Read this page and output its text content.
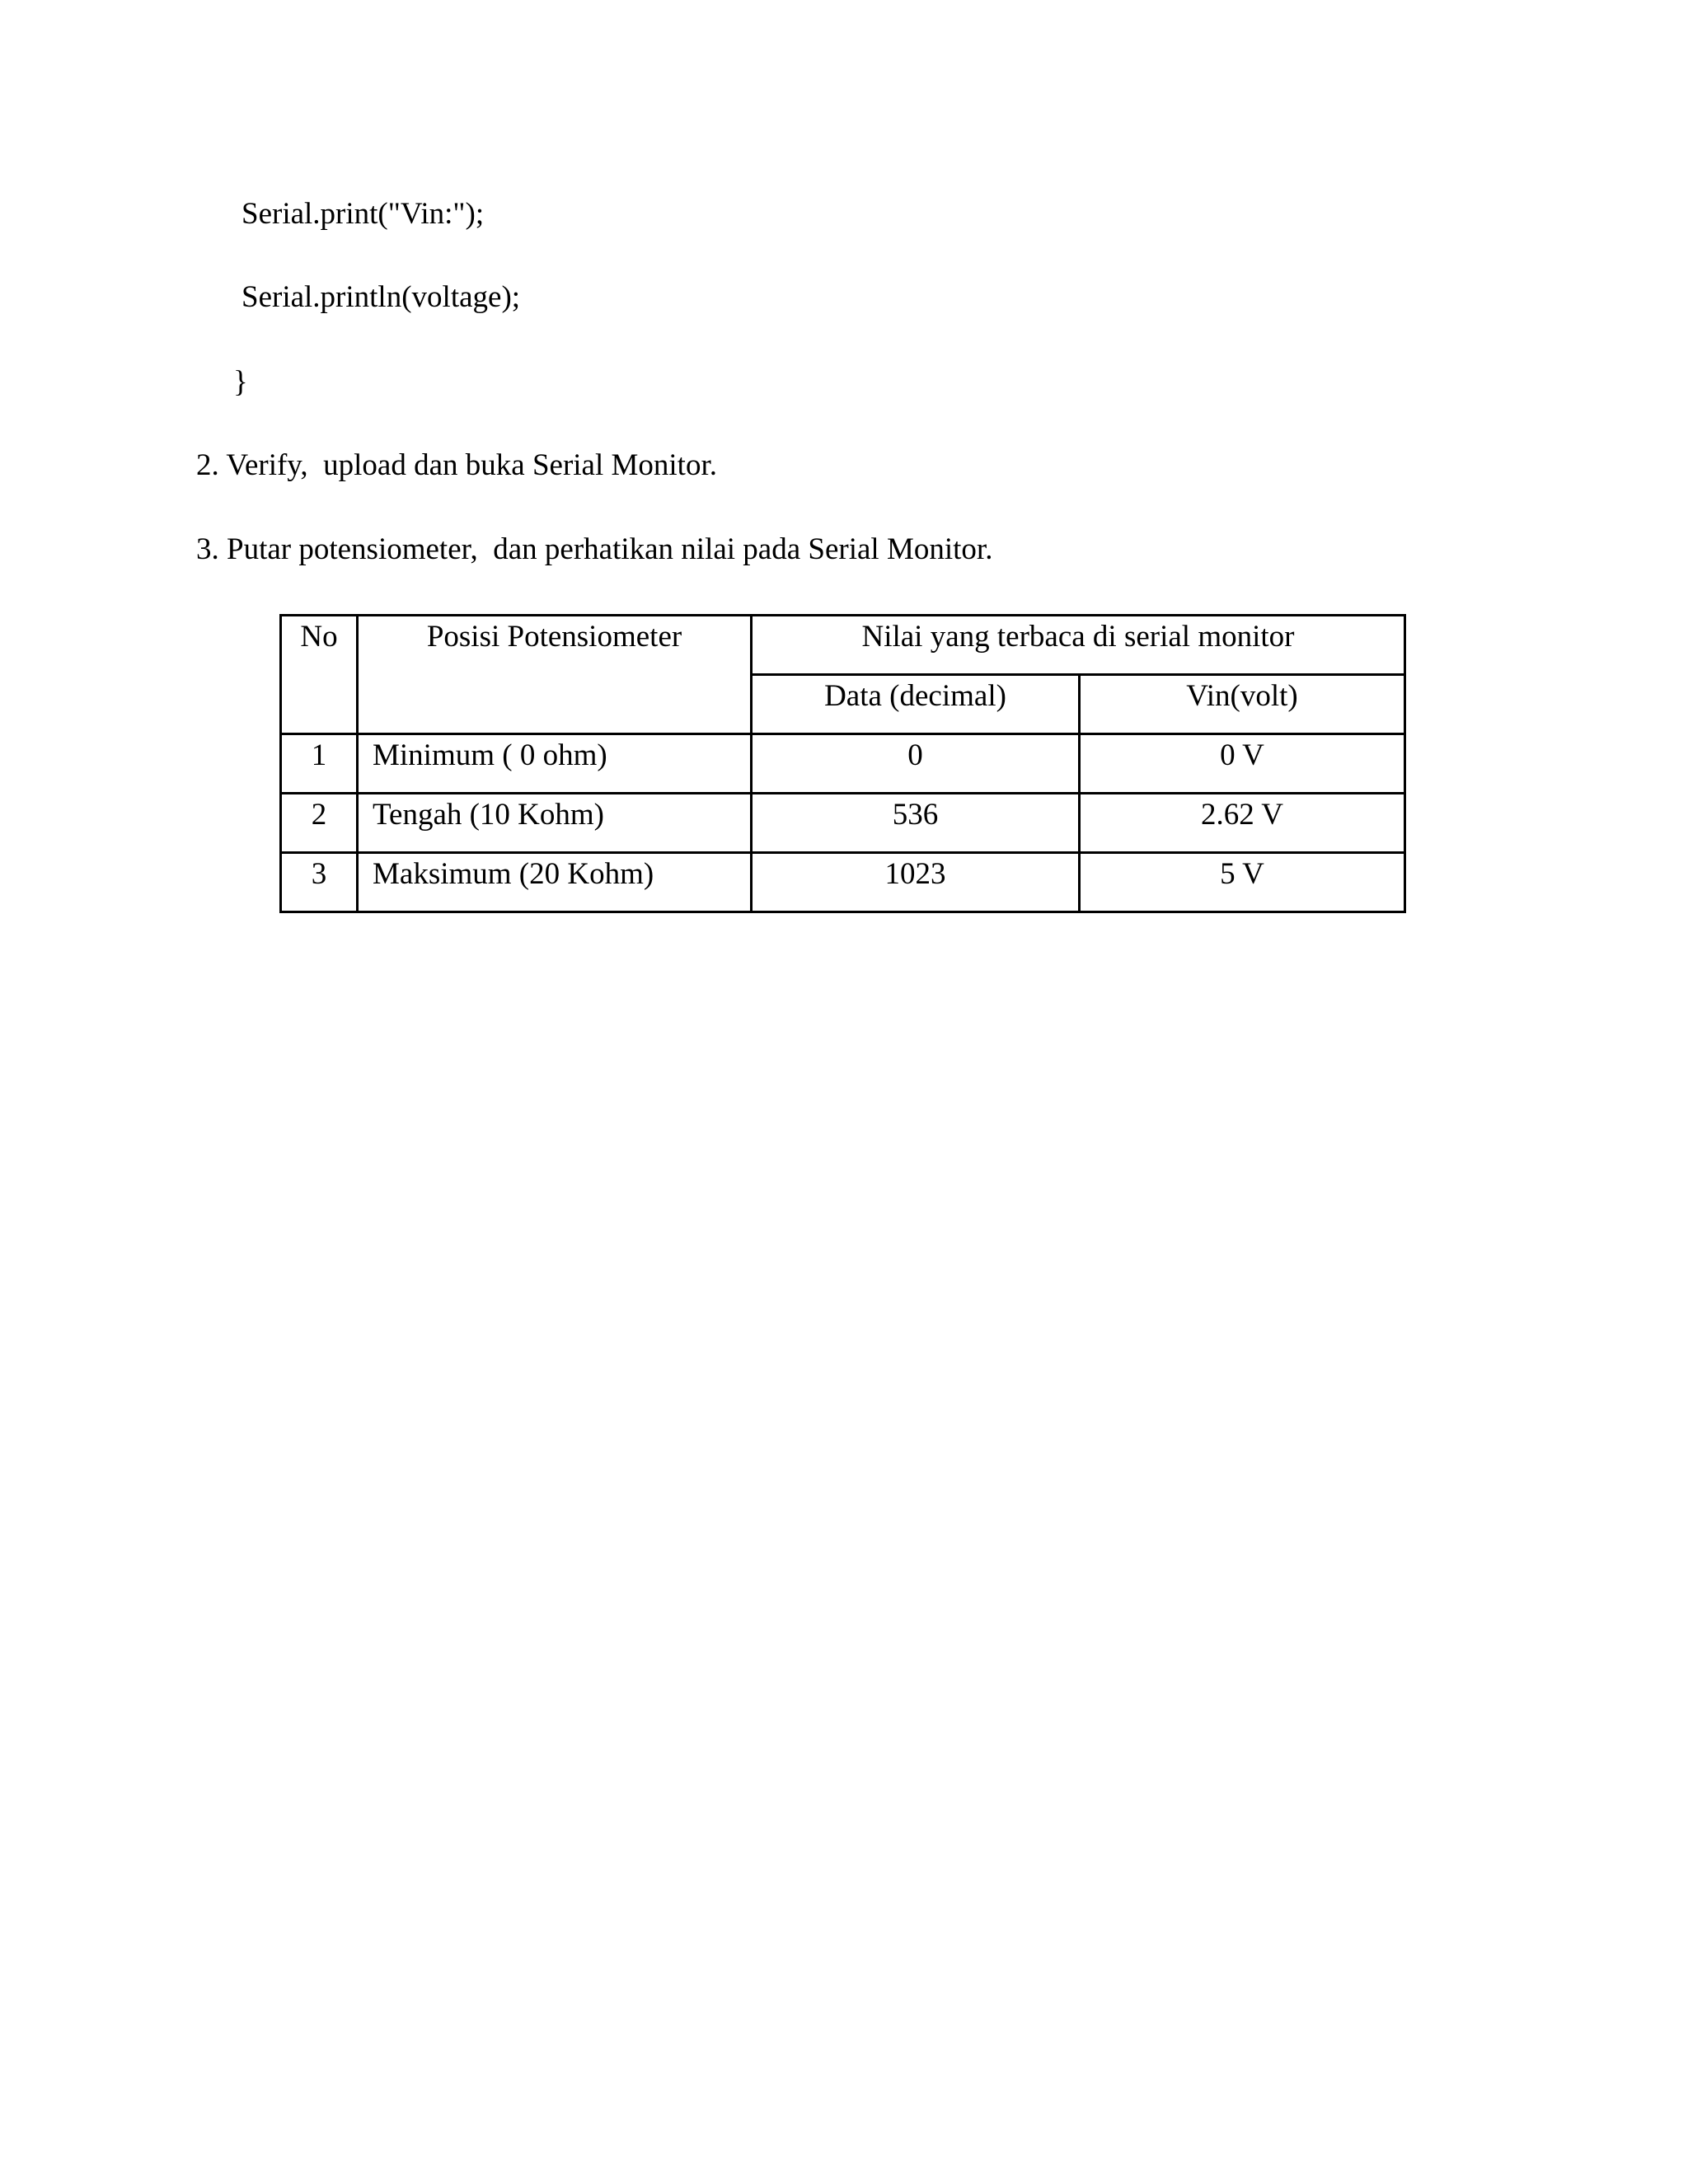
Serial.print("Vin:");
Serial.println(voltage);
}
2. Verify,  upload dan buka Serial Monitor.
3. Putar potensiometer,  dan perhatikan nilai pada Serial Monitor.
No	Posisi Potensiometer	Nilai yang terbaca di serial monitor	
		Data (decimal)	Vin(volt)
1	Minimum ( 0 ohm)	0	0 V
2	Tengah (10 Kohm)	536	2.62 V
3	Maksimum (20 Kohm)	1023	5 V
